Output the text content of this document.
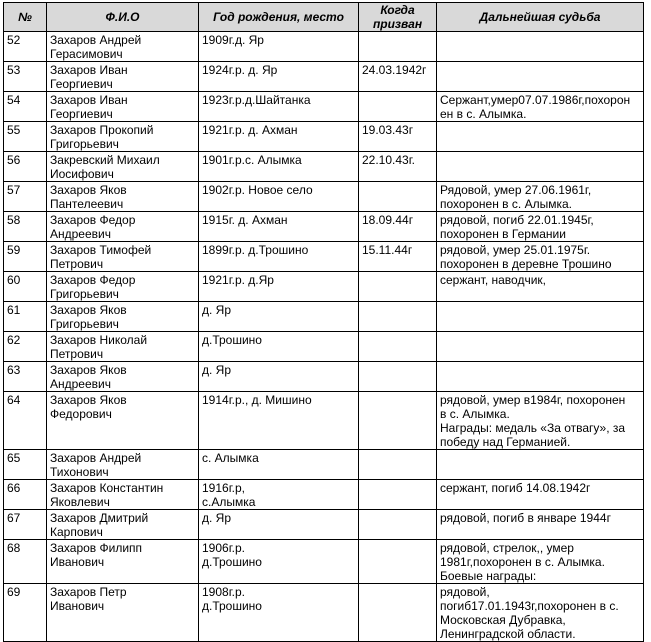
№	Ф.И.О	Год рождения, место	Когда призван	Дальнейшая судьба
52	Захаров Андрей
Герасимович	1909г.д. Яр		
53	Захаров Иван
Георгиевич	1924г.р. д. Яр	24.03.1942г	
54	Захаров Иван
Георгиевич	1923г.р.д.Шайтанка		Сержант,умер07.07.1986г,похорон
ен в с. Алымка.
55	Захаров Прокопий
Григорьевич	1921г.р. д. Ахман	19.03.43г	
56	Закревский Михаил
Иосифович	1901г.р.с. Алымка	22.10.43г.	
57	Захаров Яков
Пантелеевич	1902г.р. Новое село		Рядовой, умер 27.06.1961г,
похоронен в с. Алымка.
58	Захаров Федор
Андреевич	1915г. д. Ахман	18.09.44г	рядовой, погиб 22.01.1945г,
похоронен в Германии
59	Захаров Тимофей
Петрович	1899г.р. д.Трошино	15.11.44г	рядовой, умер 25.01.1975г.
похоронен в деревне Трошино
60	Захаров Федор
Григорьевич	1921г.р. д.Яр		сержант, наводчик,
61	Захаров Яков
Григорьевич	д. Яр		
62	Захаров Николай
Петрович	д.Трошино		
63	Захаров Яков
Андреевич	д. Яр		
64	Захаров Яков
Федорович	1914г.р., д. Мишино		рядовой, умер в1984г, похоронен
в с. Алымка.
Награды: медаль «За отвагу», за
победу над Германией.
65	Захаров Андрей
Тихонович	с. Алымка		
66	Захаров Константин
Яковлевич	1916г.р,
с.Алымка		сержант, погиб 14.08.1942г
67	Захаров Дмитрий
Карпович	д. Яр		рядовой, погиб в январе 1944г
68	Захаров Филипп
Иванович	1906г.р.
д.Трошино		рядовой, стрелок,, умер
1981г,похоронен в с. Алымка.
Боевые награды:
69	Захаров Петр
Иванович	1908г.р.
д.Трошино		рядовой,
погиб17.01.1943г,похоронен в с.
Московская Дубравка,
Ленинградской области.
